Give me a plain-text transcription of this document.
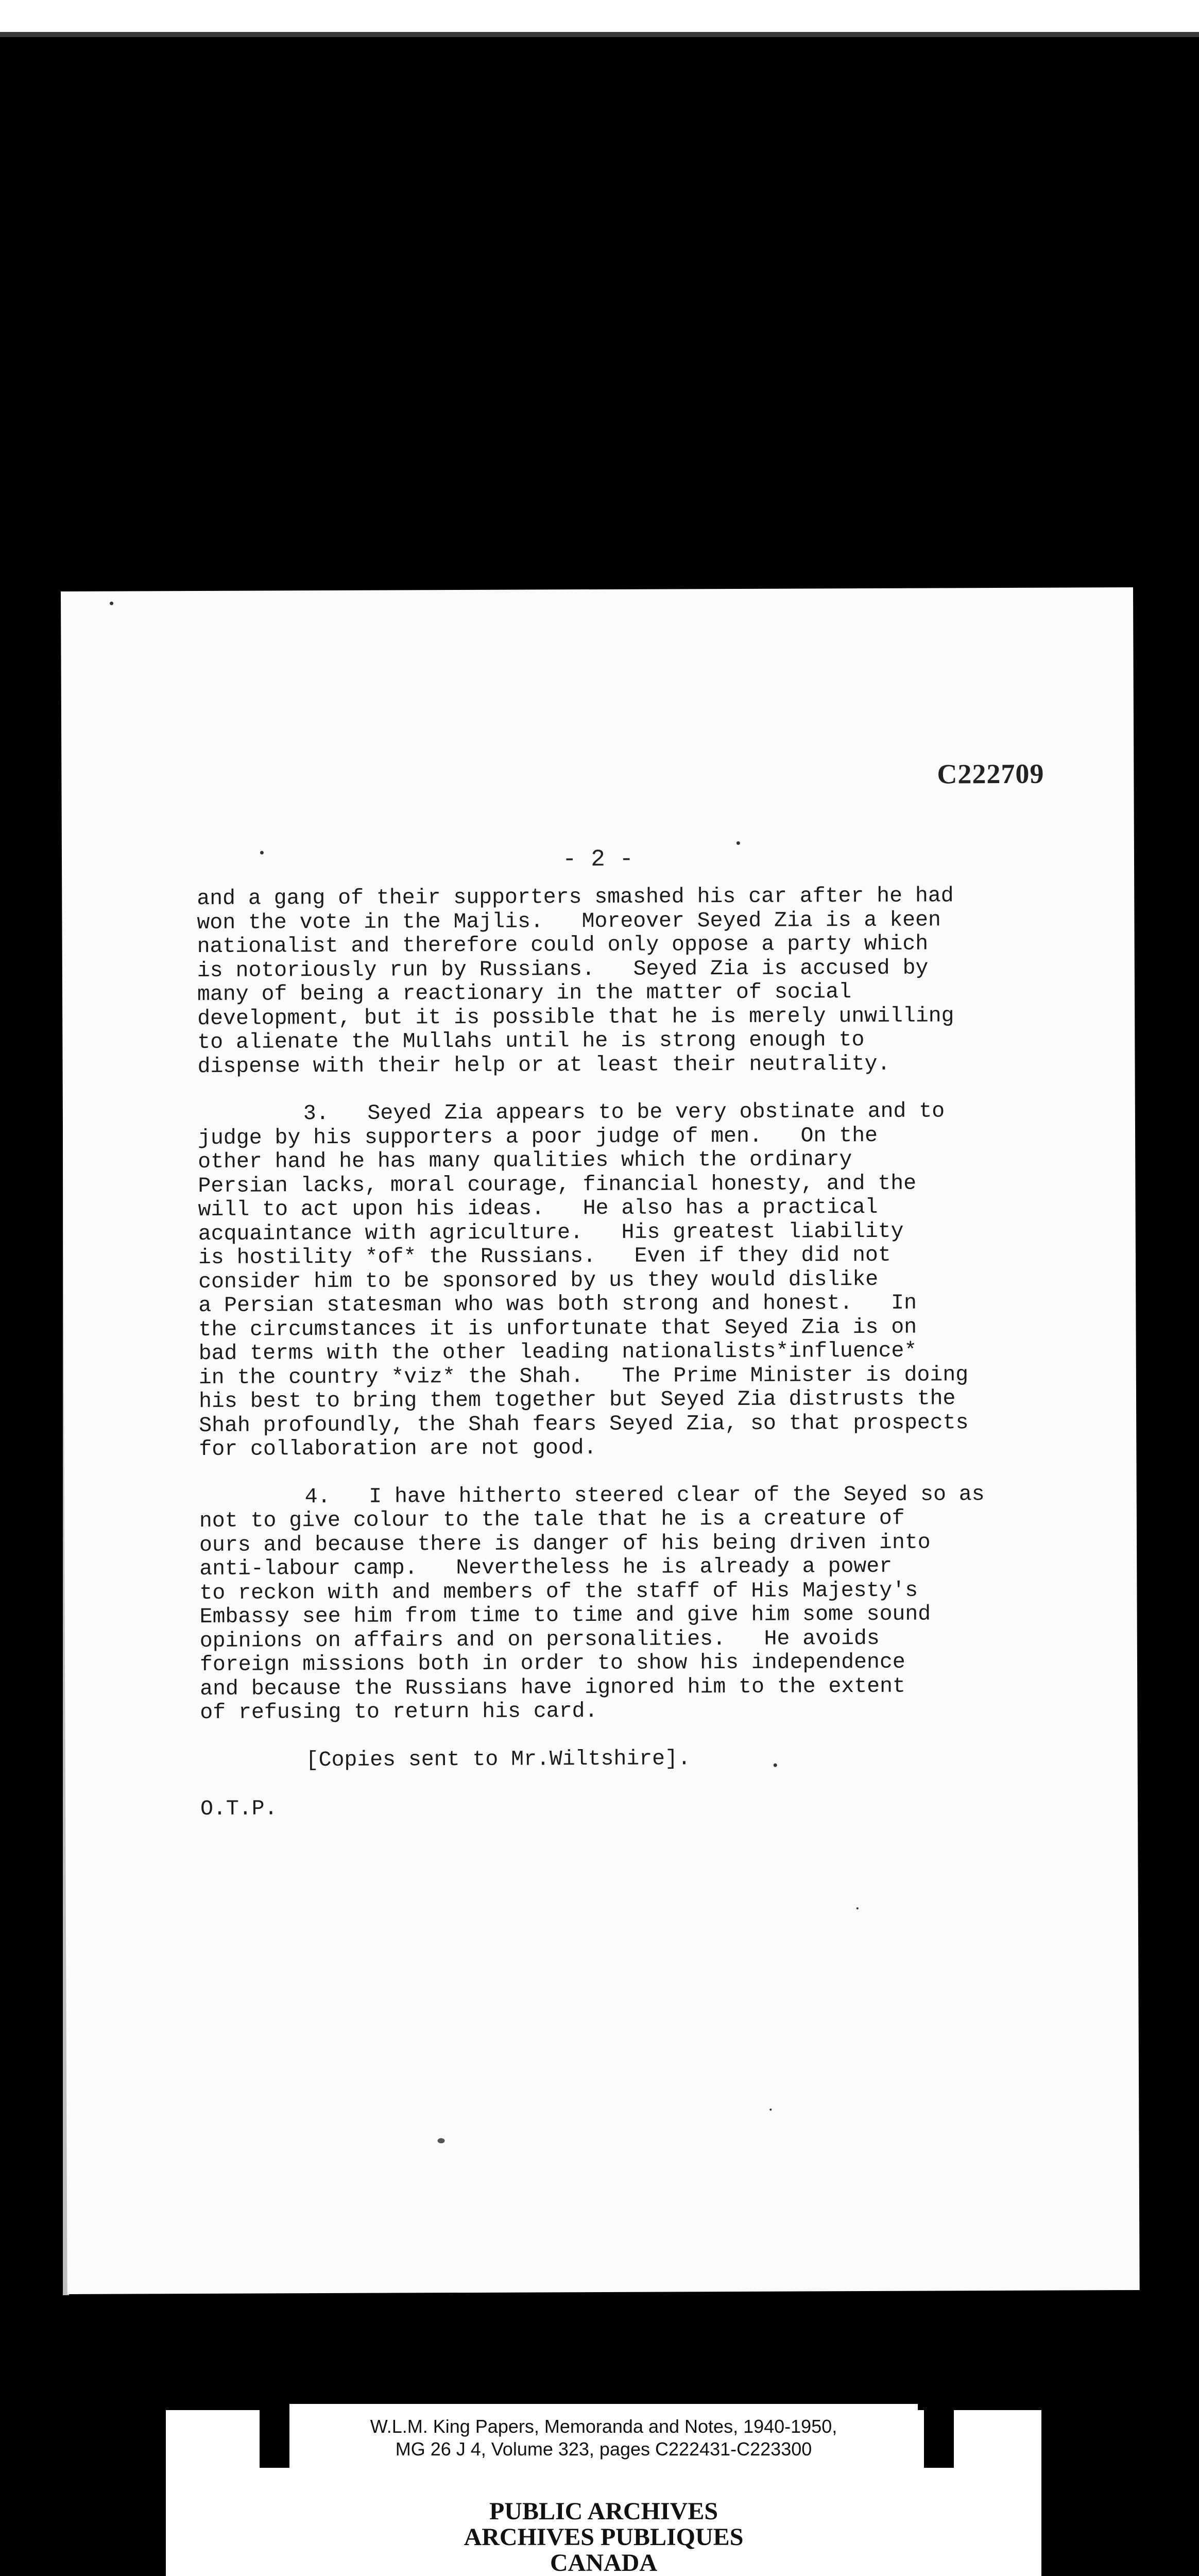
C222709
- 2 -
and a gang of their supporters smashed his car after he had
won the vote in the Majlis.   Moreover Seyed Zia is a keen
nationalist and therefore could only oppose a party which
is notoriously run by Russians.   Seyed Zia is accused by
many of being a reactionary in the matter of social
development, but it is possible that he is merely unwilling
to alienate the Mullahs until he is strong enough to
dispense with their help or at least their neutrality.
3.   Seyed Zia appears to be very obstinate and to
judge by his supporters a poor judge of men.   On the
other hand he has many qualities which the ordinary
Persian lacks, moral courage, financial honesty, and the
will to act upon his ideas.   He also has a practical
acquaintance with agriculture.   His greatest liability
is hostility *of* the Russians.   Even if they did not
consider him to be sponsored by us they would dislike
a Persian statesman who was both strong and honest.   In
the circumstances it is unfortunate that Seyed Zia is on
bad terms with the other leading nationalists*influence*
in the country *viz* the Shah.   The Prime Minister is doing
his best to bring them together but Seyed Zia distrusts the
Shah profoundly, the Shah fears Seyed Zia, so that prospects
for collaboration are not good.
4.   I have hitherto steered clear of the Seyed so as
not to give colour to the tale that he is a creature of
ours and because there is danger of his being driven into
anti-labour camp.   Nevertheless he is already a power
to reckon with and members of the staff of His Majesty's
Embassy see him from time to time and give him some sound
opinions on affairs and on personalities.   He avoids
foreign missions both in order to show his independence
and because the Russians have ignored him to the extent
of refusing to return his card.
[Copies sent to Mr.Wiltshire].
O.T.P.
W.L.M. King Papers, Memoranda and Notes, 1940-1950,
MG 26 J 4, Volume 323, pages C222431-C223300
PUBLIC ARCHIVES
ARCHIVES PUBLIQUES
CANADA
